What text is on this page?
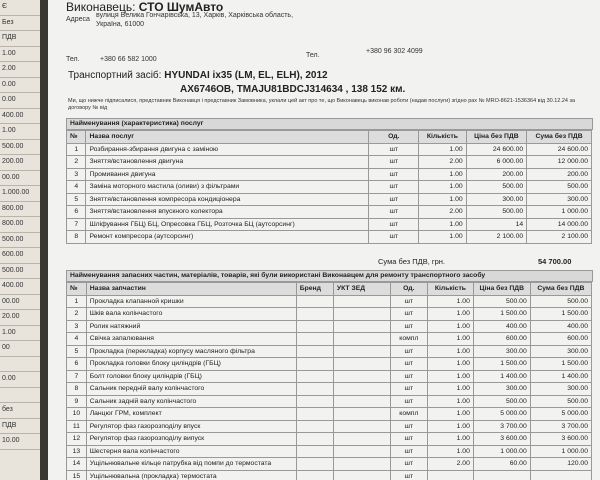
Є
Без
ПДВ
1.00
2.00
0.00
0.00
400.00
1.00
500.00
200.00
00.00
1.000.00
800.00
800.00
500.00
600.00
500.00
400.00
00.00
20.00
1.00
00
0.00
без
ПДВ
10.00
Виконавець: СТО ШумАвто
Адреса
вулиця Велика Гончарівська, 13, Харків, Харківська область,
Україна, 61000
Тел.	+380 66 582 1000
Тел.
+380 96 302 4099
Транспортний засіб: HYUNDAI ix35 (LM, EL, ELH), 2012
AX6746OB, TMAJU81BDCJ314634 , 138 152 км.
Ми, що нижче підписалися, представник Виконавця і представник Замовника, уклали цей акт про те, що Виконавець виконав роботи (надав послуги) згідно рах № MRO-8621-1536364 від 30.12.24 за договору № від
Найменування (характеристика) послуг
№	Назва послуг	Од.	Кількість	Ціна без ПДВ	Сума без ПДВ
1	Розбирання-збирання двигуна с заміною	шт	1.00	24 600.00	24 600.00
2	Зняття/встановлення двигуна	шт	2.00	6 000.00	12 000.00
3	Промивання двигуна	шт	1.00	200.00	200.00
4	Заміна моторного мастила (оливи) з фільтрами	шт	1.00	500.00	500.00
5	Зняття/встановлення компресора кондиціонера	шт	1.00	300.00	300.00
6	Зняття/встановлення впускного колектора	шт	2.00	500.00	1 000.00
7	Шліфування ГБЦ) БЦ, Опресовка ГБЦ, Розточка БЦ (аутсорсинг)	шт	1.00	14	14 000.00
8	Ремонт компресора (аутсорсинг)	шт	1.00	2 100.00	2 100.00
Сума без ПДВ, грн.	54 700.00
Найменування запасних частин, матеріалів, товарів, які були використані Виконавцем для ремонту транспортного засобу
№	Назва запчастин	Бренд	УКТ ЗЕД	Од.	Кількість	Ціна без ПДВ	Сума без ПДВ
1	Прокладка клапанной кришки			шт	1.00	500.00	500.00
2	Шків вала колінчастого			шт	1.00	1 500.00	1 500.00
3	Ролик натяжний			шт	1.00	400.00	400.00
4	Свічка запалювання			компл	1.00	600.00	600.00
5	Прокладка (перекладка) корпусу масляного фільтра			шт	1.00	300.00	300.00
6	Прокладка головки блоку циліндрів (ГБЦ)			шт	1.00	1 500.00	1 500.00
7	Болт головки блоку циліндрів (ГБЦ)			шт	1.00	1 400.00	1 400.00
8	Сальник передній валу колінчастого			шт	1.00	300.00	300.00
9	Сальник задній валу колінчастого			шт	1.00	500.00	500.00
10	Ланцюг ГРМ, комплект			компл	1.00	5 000.00	5 000.00
11	Регулятор фаз газорозподілу впуск			шт	1.00	3 700.00	3 700.00
12	Регулятор фаз газорозподілу випуск			шт	1.00	3 600.00	3 600.00
13	Шестерня вала колінчастого			шт	1.00	1 000.00	1 000.00
14	Ущільнювальне кільце патрубка від помпи до термостата			шт	2.00	60.00	120.00
15	Ущільнювальна (прокладка) термостата			шт			
